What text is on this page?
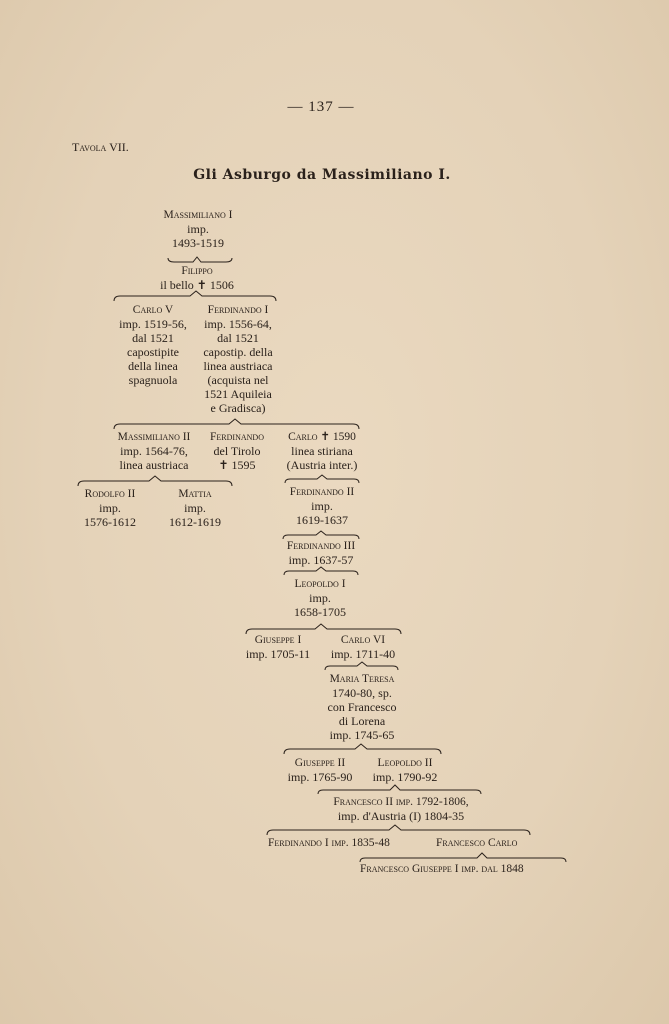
— 137 —
Tavola VII.
Gli Asburgo da Massimiliano I.
Massimiliano I
imp.
1493-1519
Filippo
il bello ✝ 1506
Carlo V
imp. 1519-56,
dal 1521
capostipite
della linea
spagnuola
Ferdinando I
imp. 1556-64,
dal 1521
capostip. della
linea austriaca
(acquista nel
1521 Aquileia
e Gradisca)
Massimiliano II
imp. 1564-76,
linea austriaca
Ferdinando
del Tirolo
✝ 1595
Carlo ✝ 1590
linea stiriana
(Austria inter.)
Rodolfo II
imp.
1576-1612
Mattia
imp.
1612-1619
Ferdinando II
imp.
1619-1637
Ferdinando III
imp. 1637-57
Leopoldo I
imp.
1658-1705
Giuseppe I
imp. 1705-11
Carlo VI
imp. 1711-40
Maria Teresa
1740-80, sp.
con Francesco
di Lorena
imp. 1745-65
Giuseppe II
imp. 1765-90
Leopoldo II
imp. 1790-92
Francesco II imp. 1792-1806,
imp. d'Austria (I) 1804-35
Ferdinando I imp. 1835-48	Francesco Carlo
Francesco Giuseppe I imp. dal 1848
